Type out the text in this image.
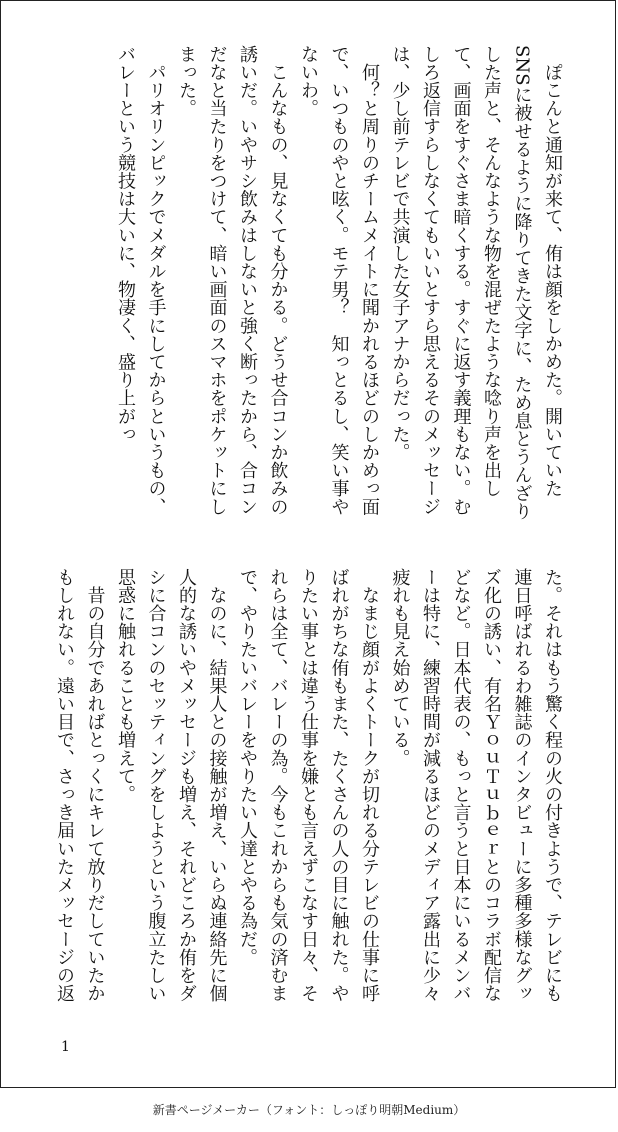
　ぽこんと通知が来て、侑は顔をしかめた。開いていたSNSに被せるように降りてきた文字に、ため息とうんざりした声と、そんなような物を混ぜたような唸り声を出して、画面をすぐさま暗くする。すぐに返す義理もない。むしろ返信すらしなくてもいいとすら思えるそのメッセージは、少し前テレビで共演した女子アナからだった。

　何？と周りのチームメイトに聞かれるほどのしかめっ面で、いつものやと呟く。モテ男？　知っとるし、笑い事やないわ。

　こんなもの、見なくても分かる。どうせ合コンか飲みの誘いだ。いやサシ飲みはしないと強く断ったから、合コンだなと当たりをつけて、暗い画面のスマホをポケットにしまった。

　パリオリンピックでメダルを手にしてからというもの、バレーという競技は大いに、物凄く、盛り上がっ

た。それはもう驚く程の火の付きようで、テレビにも連日呼ばれるわ雑誌のインタビューに多種多様なグッズ化の誘い、有名ＹｏｕＴｕｂｅｒとのコラボ配信などなど。日本代表の、もっと言うと日本にいるメンバーは特に、練習時間が減るほどのメディア露出に少々疲れも見え始めている。

　なまじ顔がよくトークが切れる分テレビの仕事に呼ばれがちな侑もまた、たくさんの人の目に触れた。やりたい事とは違う仕事を嫌とも言えずこなす日々、それらは全て、バレーの為。今もこれからも気の済むまで、やりたいバレーをやりたい人達とやる為だ。

　なのに、結果人との接触が増え、いらぬ連絡先に個人的な誘いやメッセージも増え、それどころか侑をダシに合コンのセッティングをしようという腹立たしい思惑に触れることも増えて。

　昔の自分であればとっくにキレて放りだしていたかもしれない。遠い目で、さっき届いたメッセージの返

1
新書ページメーカー（フォント：しっぽり明朝Medium）
